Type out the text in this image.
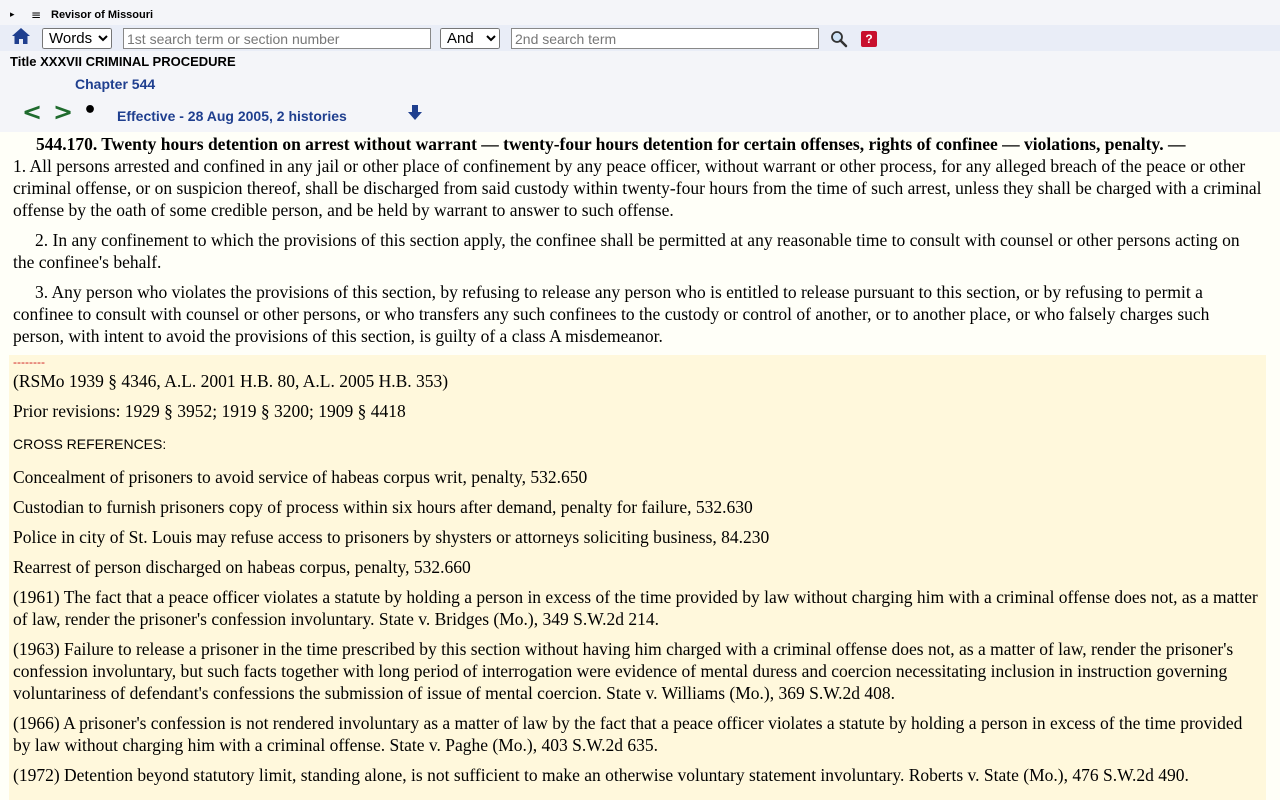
▸ ≡ Revisor of Missouri
Words
1st search term or section number
And
2nd search term
?
Title XXXVII CRIMINAL PROCEDURE
Chapter 544
< > • Effective - 28 Aug 2005, 2 histories
544.170. Twenty hours detention on arrest without warrant — twenty-four hours detention for certain offenses, rights of confinee — violations, penalty. —
1. All persons arrested and confined in any jail or other place of confinement by any peace officer, without warrant or other process, for any alleged breach of the peace or other criminal offense, or on suspicion thereof, shall be discharged from said custody within twenty-four hours from the time of such arrest, unless they shall be charged with a criminal offense by the oath of some credible person, and be held by warrant to answer to such offense.
2. In any confinement to which the provisions of this section apply, the confinee shall be permitted at any reasonable time to consult with counsel or other persons acting on the confinee's behalf.
3. Any person who violates the provisions of this section, by refusing to release any person who is entitled to release pursuant to this section, or by refusing to permit a confinee to consult with counsel or other persons, or who transfers any such confinees to the custody or control of another, or to another place, or who falsely charges such person, with intent to avoid the provisions of this section, is guilty of a class A misdemeanor.
--------
(RSMo 1939 § 4346, A.L. 2001 H.B. 80, A.L. 2005 H.B. 353)
Prior revisions: 1929 § 3952; 1919 § 3200; 1909 § 4418
CROSS REFERENCES:
Concealment of prisoners to avoid service of habeas corpus writ, penalty, 532.650
Custodian to furnish prisoners copy of process within six hours after demand, penalty for failure, 532.630
Police in city of St. Louis may refuse access to prisoners by shysters or attorneys soliciting business, 84.230
Rearrest of person discharged on habeas corpus, penalty, 532.660
(1961) The fact that a peace officer violates a statute by holding a person in excess of the time provided by law without charging him with a criminal offense does not, as a matter of law, render the prisoner's confession involuntary. State v. Bridges (Mo.), 349 S.W.2d 214.
(1963) Failure to release a prisoner in the time prescribed by this section without having him charged with a criminal offense does not, as a matter of law, render the prisoner's confession involuntary, but such facts together with long period of interrogation were evidence of mental duress and coercion necessitating inclusion in instruction governing voluntariness of defendant's confessions the submission of issue of mental coercion. State v. Williams (Mo.), 369 S.W.2d 408.
(1966) A prisoner's confession is not rendered involuntary as a matter of law by the fact that a peace officer violates a statute by holding a person in excess of the time provided by law without charging him with a criminal offense. State v. Paghe (Mo.), 403 S.W.2d 635.
(1972) Detention beyond statutory limit, standing alone, is not sufficient to make an otherwise voluntary statement involuntary. Roberts v. State (Mo.), 476 S.W.2d 490.
